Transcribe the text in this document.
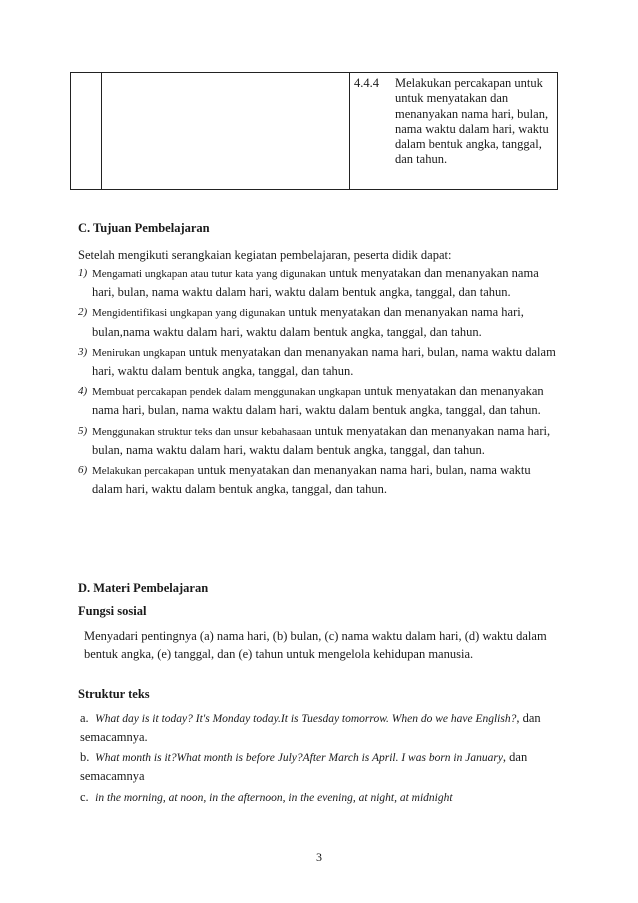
4.4.4 Melakukan percakapan untuk untuk menyatakan dan menanyakan nama hari, bulan, nama waktu dalam hari, waktu dalam bentuk angka, tanggal, dan tahun.
C. Tujuan Pembelajaran
Setelah mengikuti serangkaian kegiatan pembelajaran, peserta didik dapat:
1) Mengamati ungkapan atau tutur kata yang digunakan untuk menyatakan dan menanyakan nama hari, bulan, nama waktu dalam hari, waktu dalam bentuk angka, tanggal, dan tahun.
2) Mengidentifikasi ungkapan yang digunakan untuk menyatakan dan menanyakan nama hari, bulan,nama waktu dalam hari, waktu dalam bentuk angka, tanggal, dan tahun.
3) Menirukan ungkapan untuk menyatakan dan menanyakan nama hari, bulan, nama waktu dalam hari, waktu dalam bentuk angka, tanggal, dan tahun.
4) Membuat percakapan pendek dalam menggunakan ungkapan untuk menyatakan dan menanyakan nama hari, bulan, nama waktu dalam hari, waktu dalam bentuk angka, tanggal, dan tahun.
5) Menggunakan struktur teks dan unsur kebahasaan untuk menyatakan dan menanyakan nama hari, bulan, nama waktu dalam hari, waktu dalam bentuk angka, tanggal, dan tahun.
6) Melakukan percakapan untuk menyatakan dan menanyakan nama hari, bulan, nama waktu dalam hari, waktu dalam bentuk angka, tanggal, dan tahun.
D. Materi Pembelajaran
Fungsi sosial
Menyadari pentingnya (a) nama hari, (b) bulan, (c) nama waktu dalam hari, (d) waktu dalam bentuk angka, (e) tanggal, dan (e) tahun untuk mengelola kehidupan manusia.
Struktur teks
a. What day is it today? It's Monday today.It is Tuesday tomorrow. When do we have English?, dan semacamnya.
b. What month is it?What month is before July?After March is April. I was born in January, dan semacamnya
c. in the morning, at noon, in the afternoon, in the evening, at night, at midnight
3
